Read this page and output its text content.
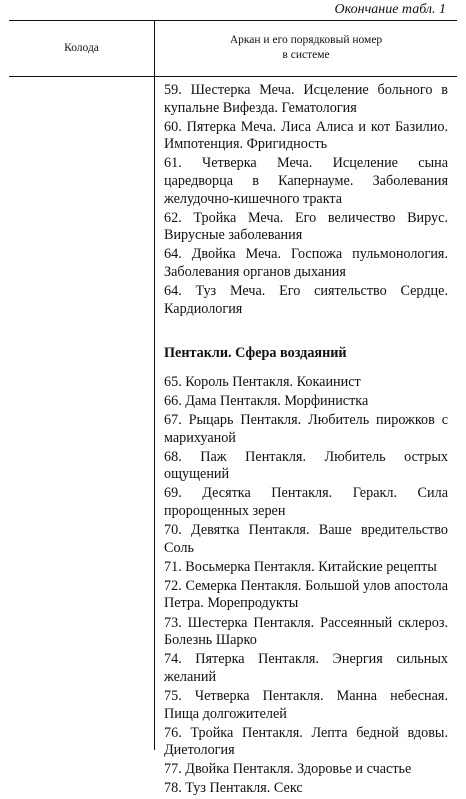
Окончание табл. 1
Колода
Аркан и его порядковый номер
в системе
59. Шестерка Меча. Исцеление больного в купальне Вифезда. Гематология
60. Пятерка Меча. Лиса Алиса и кот Базилио. Импотенция. Фригидность
61. Четверка Меча. Исцеление сына царедворца в Капернауме. Заболевания желудочно-кишечного тракта
62. Тройка Меча. Его величество Вирус. Вирусные заболевания
64. Двойка Меча. Госпожа пульмонология. Заболевания органов дыхания
64. Туз Меча. Его сиятельство Сердце. Кардиология
Пентакли. Сфера воздаяний
65. Король Пентакля. Кокаинист
66. Дама Пентакля. Морфинистка
67. Рыцарь Пентакля. Любитель пирожков с марихуаной
68. Паж Пентакля. Любитель острых ощущений
69. Десятка Пентакля. Геракл. Сила пророщенных зерен
70. Девятка Пентакля. Ваше вредительство Соль
71. Восьмерка Пентакля. Китайские рецепты
72. Семерка Пентакля. Большой улов апостола Петра. Морепродукты
73. Шестерка Пентакля. Рассеянный склероз. Болезнь Шарко
74. Пятерка Пентакля. Энергия сильных желаний
75. Четверка Пентакля. Манна небесная. Пища долгожителей
76. Тройка Пентакля. Лепта бедной вдовы. Диетология
77. Двойка Пентакля. Здоровье и счастье
78. Туз Пентакля. Секс
